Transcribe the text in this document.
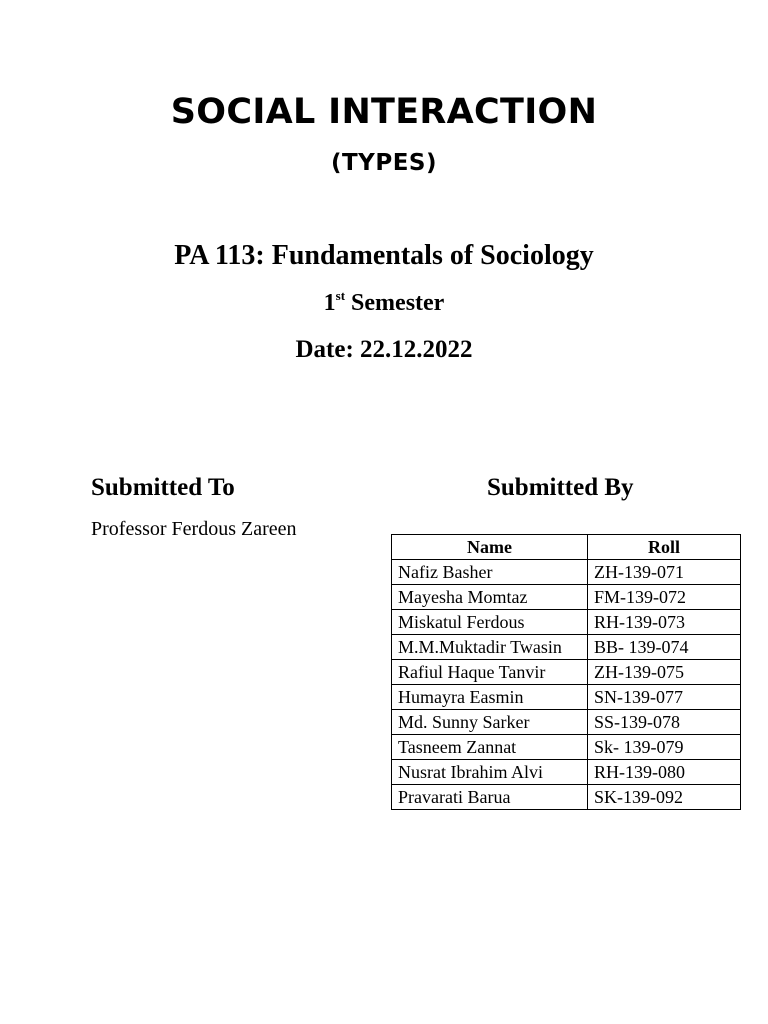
SOCIAL INTERACTION
(TYPES)
PA 113: Fundamentals of Sociology
1st Semester
Date: 22.12.2022
Submitted To
Professor Ferdous Zareen
Submitted By
Name	Roll
Nafiz Basher	ZH-139-071
Mayesha Momtaz	FM-139-072
Miskatul Ferdous	RH-139-073
M.M.Muktadir Twasin	BB- 139-074
Rafiul Haque Tanvir	ZH-139-075
Humayra Easmin	SN-139-077
Md. Sunny Sarker	SS-139-078
Tasneem Zannat	Sk- 139-079
Nusrat Ibrahim Alvi	RH-139-080
Pravarati Barua	SK-139-092
